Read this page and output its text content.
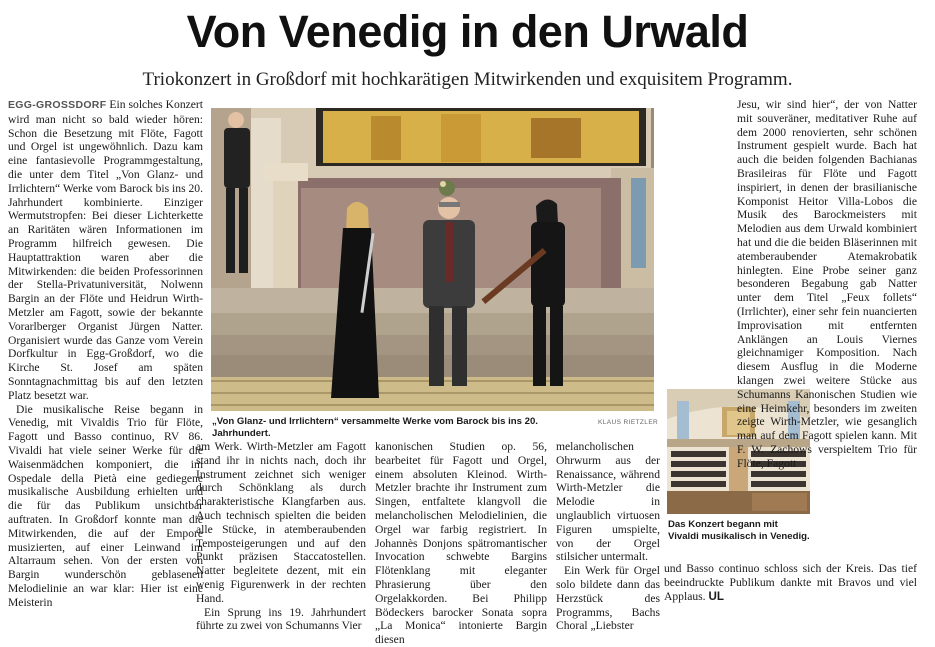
Von Venedig in den Urwald

Triokonzert in Großdorf mit hochkarätigen Mitwirkenden und exquisitem Programm.

EGG-GROSSDORF Ein solches Konzert wird man nicht so bald wieder hören: Schon die Besetzung mit Flöte, Fagott und Orgel ist ungewöhnlich. Dazu kam eine fantasievolle Programmgestaltung, die unter dem Titel „Von Glanz- und Irrlichtern“ Werke vom Barock bis ins 20. Jahrhundert kombinierte. Einziger Wermutstropfen: Bei dieser Lichterkette an Raritäten wären Informationen im Programm hilfreich gewesen. Die Hauptattraktion waren aber die Mitwirkenden: die beiden Professorinnen der Stella-Privatuniversität, Nolwenn Bargin an der Flöte und Heidrun Wirth-Metzler am Fagott, sowie der bekannte Vorarlberger Organist Jürgen Natter. Organisiert wurde das Ganze vom Verein Dorfkultur in Egg-Großdorf, wo die Kirche St. Josef am späten Sonntagnachmittag bis auf den letzten Platz besetzt war.

Die musikalische Reise begann in Venedig, mit Vivaldis Trio für Flöte, Fagott und Basso continuo, RV 86. Vivaldi hat viele seiner Werke für die Waisenmädchen komponiert, die im Ospedale della Pietà eine gediegene musikalische Ausbildung erhielten und die für das Publikum unsichtbar auftraten. In Großdorf konnte man die Mitwirkenden, die auf der Empore musizierten, auf einer Leinwand im Altarraum sehen. Von der ersten von Bargin wunderschön geblasenen Melodielinie an war klar: Hier ist eine Meisterin

„Von Glanz- und Irrlichtern“ versammelte Werke vom Barock bis ins 20. Jahrhundert.
KLAUS RIETZLER

am Werk. Wirth-Metzler am Fagott stand ihr in nichts nach, doch ihr Instrument zeichnet sich weniger durch Schönklang als durch charakteristische Klangfarben aus. Auch technisch spielten die beiden alle Stücke, in atemberaubenden Temposteigerungen und auf den Punkt präzisen Staccatostellen. Natter begleitete dezent, mit ein wenig Figurenwerk in der rechten Hand.

Ein Sprung ins 19. Jahrhundert führte zu zwei von Schumanns Vier

kanonischen Studien op. 56, bearbeitet für Fagott und Orgel, einem absoluten Kleinod. Wirth-Metzler brachte ihr Instrument zum Singen, entfaltete klangvoll die melancholischen Melodielinien, die Orgel war farbig registriert. In Johannès Donjons spätromantischer Invocation schwebte Bargins Flötenklang mit eleganter Phrasierung über den Orgelakkorden. Bei Philipp Bödeckers barocker Sonata sopra „La Monica“ intonierte Bargin diesen

melancholischen Ohrwurm aus der Renaissance, während Wirth-Metzler die Melodie in unglaublich virtuosen Figuren umspielte, von der Orgel stilsicher untermalt.

Ein Werk für Orgel solo bildete dann das Herzstück des Programms, Bachs Choral „Liebster

Das Konzert begann mit Vivaldi musikalisch in Venedig.

Jesu, wir sind hier“, der von Natter mit souveräner, meditativer Ruhe auf dem 2000 renovierten, sehr schönen Instrument gespielt wurde. Bach hat auch die beiden folgenden Bachianas Brasileiras für Flöte und Fagott inspiriert, in denen der brasilianische Komponist Heitor Villa-Lobos die Musik des Barockmeisters mit Melodien aus dem Urwald kombiniert hat und die die beiden Bläserinnen mit atemberaubender Atemakrobatik hinlegten. Eine Probe seiner ganz besonderen Begabung gab Natter unter dem Titel „Feux follets“ (Irrlichter), einer sehr fein nuancierten Improvisation mit entfernten Anklängen an Louis Viernes gleichnamiger Komposition. Nach diesem Ausflug in die Moderne klangen zwei weitere Stücke aus Schumanns Kanonischen Studien wie eine Heimkehr, besonders im zweiten zeigte Wirth-Metzler, wie gesanglich man auf dem Fagott spielen kann. Mit F. W. Zachows verspieltem Trio für Flöte, Fagott

und Basso continuo schloss sich der Kreis. Das tief beeindruckte Publikum dankte mit Bravos und viel Applaus. UL
